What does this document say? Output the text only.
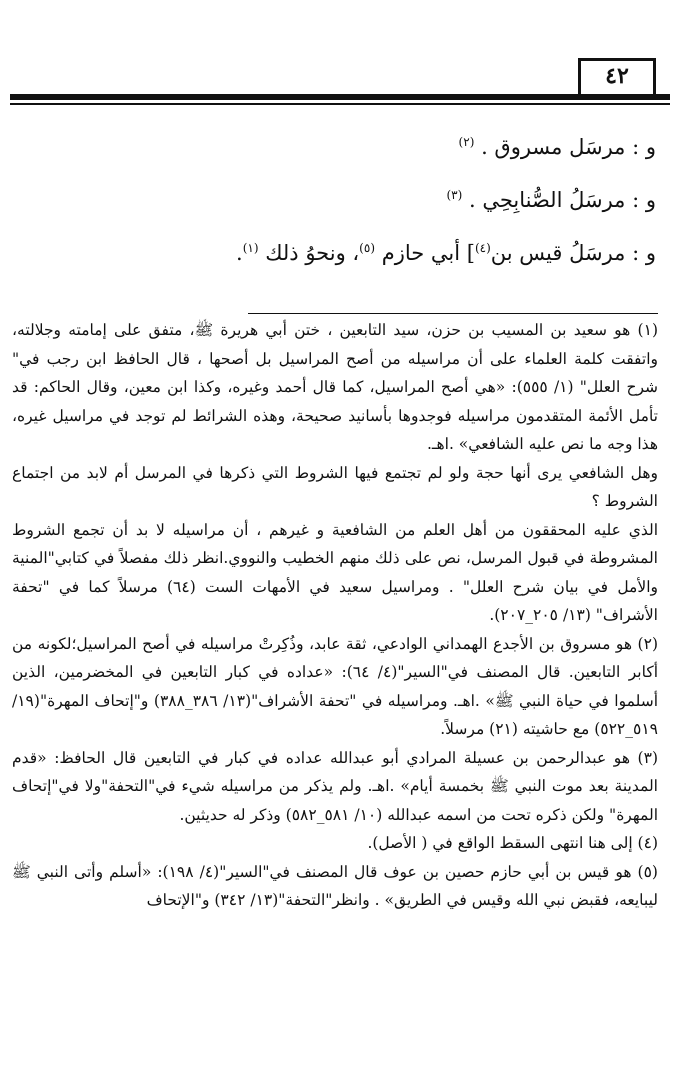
٤٢
و : مرسَل مسروق . $^{(٢)}$
و : مرسَلُ الصُّنابِحِي . $^{(٣)}$
و : مرسَلُ قيس بن$^{(٤)}$] أبي حازم $^{(٥)}$، ونحوُ ذلك $^{(١)}$.

(١) هو سعيد بن المسيب بن حزن، سيد التابعين ، ختن أبي هريرة ﷺ، متفق على إمامته وجلالته، واتفقت كلمة العلماء على أن مراسيله من أصح المراسيل بل أصحها ، قال الحافظ ابن رجب في" شرح العلل" (١/ ٥٥٥): «هي أصح المراسيل، كما قال أحمد وغيره، وكذا ابن معين، وقال الحاكم: قد تأمل الأئمة المتقدمون مراسيله فوجدوها بأسانيد صحيحة، وهذه الشرائط لم توجد في مراسيل غيره، هذا وجه ما نص عليه الشافعي» .اهـ.

وهل الشافعي يرى أنها حجة ولو لم تجتمع فيها الشروط التي ذكرها في المرسل أم لابد من اجتماع الشروط ؟

الذي عليه المحققون من أهل العلم من الشافعية و غيرهم ، أن مراسيله لا بد أن تجمع الشروط المشروطة في قبول المرسل، نص على ذلك منهم الخطيب والنووي.انظر ذلك مفصلاً في كتابي"المنية والأمل في بيان شرح العلل" . ومراسيل سعيد في الأمهات الست (٦٤) مرسلاً كما في "تحفة الأشراف" (١٣/ ٢٠٥_٢٠٧).

(٢) هو مسروق بن الأجدع الهمداني الوادعي، ثقة عابد، وذُكِرتْ مراسيله في أصح المراسيل؛لكونه من أكابر التابعين. قال المصنف في"السير"(٤/ ٦٤): «عداده في كبار التابعين في المخضرمين، الذين أسلموا في حياة النبي ﷺ» .اهـ. ومراسيله في "تحفة الأشراف"(١٣/ ٣٨٦_٣٨٨) و"إتحاف المهرة"(١٩/ ٥١٩_٥٢٢) مع حاشيته (٢١) مرسلاً.

(٣) هو عبدالرحمن بن عسيلة المرادي أبو عبدالله عداده في كبار في التابعين قال الحافظ: «قدم المدينة بعد موت النبي ﷺ بخمسة أيام» .اهـ. ولم يذكر من مراسيله شيء في"التحفة"ولا في"إتحاف المهرة" ولكن ذكره تحت من اسمه عبدالله (١٠/ ٥٨١_٥٨٢) وذكر له حديثين.

(٤) إلى هنا انتهى السقط الواقع في ( الأصل).

(٥) هو قيس بن أبي حازم حصين بن عوف قال المصنف في"السير"(٤/ ١٩٨): «أسلم وأتى النبي ﷺ ليبايعه، فقبض نبي الله وقيس في الطريق» . وانظر"التحفة"(١٣/ ٣٤٢) و"الإتحاف
